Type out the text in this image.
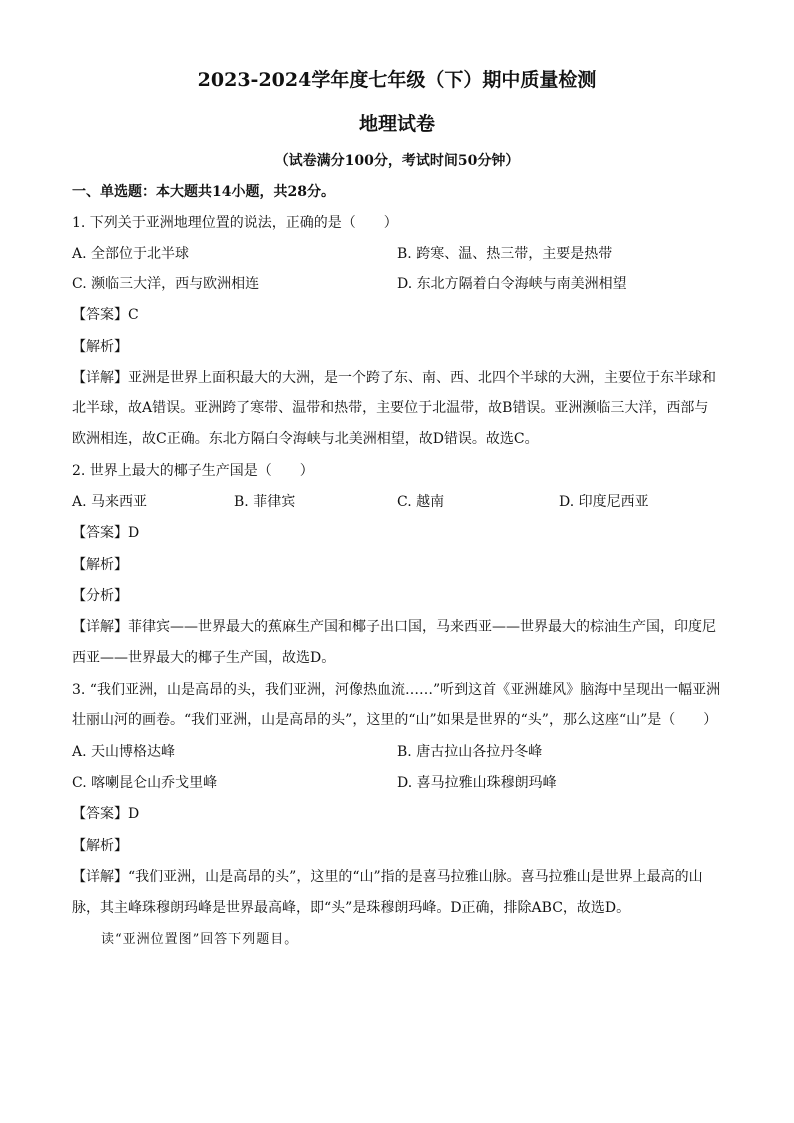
2023-2024学年度七年级（下）期中质量检测
地理试卷
（试卷满分100分，考试时间50分钟）
一、单选题：本大题共14小题，共28分。
1. 下列关于亚洲地理位置的说法，正确的是（　　）
A. 全部位于北半球	B. 跨寒、温、热三带，主要是热带
C. 濒临三大洋，西与欧洲相连	D. 东北方隔着白令海峡与南美洲相望
【答案】C
【解析】
【详解】亚洲是世界上面积最大的大洲，是一个跨了东、南、西、北四个半球的大洲，主要位于东半球和
北半球，故A错误。亚洲跨了寒带、温带和热带，主要位于北温带，故B错误。亚洲濒临三大洋，西部与
欧洲相连，故C正确。东北方隔白令海峡与北美洲相望，故D错误。故选C。
2. 世界上最大的椰子生产国是（　　）
A. 马来西亚	B. 菲律宾	C. 越南	D. 印度尼西亚
【答案】D
【解析】
【分析】
【详解】菲律宾——世界最大的蕉麻生产国和椰子出口国，马来西亚——世界最大的棕油生产国，印度尼
西亚——世界最大的椰子生产国，故选D。
3. “我们亚洲，山是高昂的头，我们亚洲，河像热血流……”听到这首《亚洲雄风》脑海中呈现出一幅亚洲
壮丽山河的画卷。“我们亚洲，山是高昂的头”，这里的“山”如果是世界的“头”，那么这座“山”是（　　）
A. 天山博格达峰	B. 唐古拉山各拉丹冬峰
C. 喀喇昆仑山乔戈里峰	D. 喜马拉雅山珠穆朗玛峰
【答案】D
【解析】
【详解】“我们亚洲，山是高昂的头”，这里的“山”指的是喜马拉雅山脉。喜马拉雅山是世界上最高的山
脉，其主峰珠穆朗玛峰是世界最高峰，即“头”是珠穆朗玛峰。D正确，排除ABC，故选D。
读“亚洲位置图”回答下列题目。
